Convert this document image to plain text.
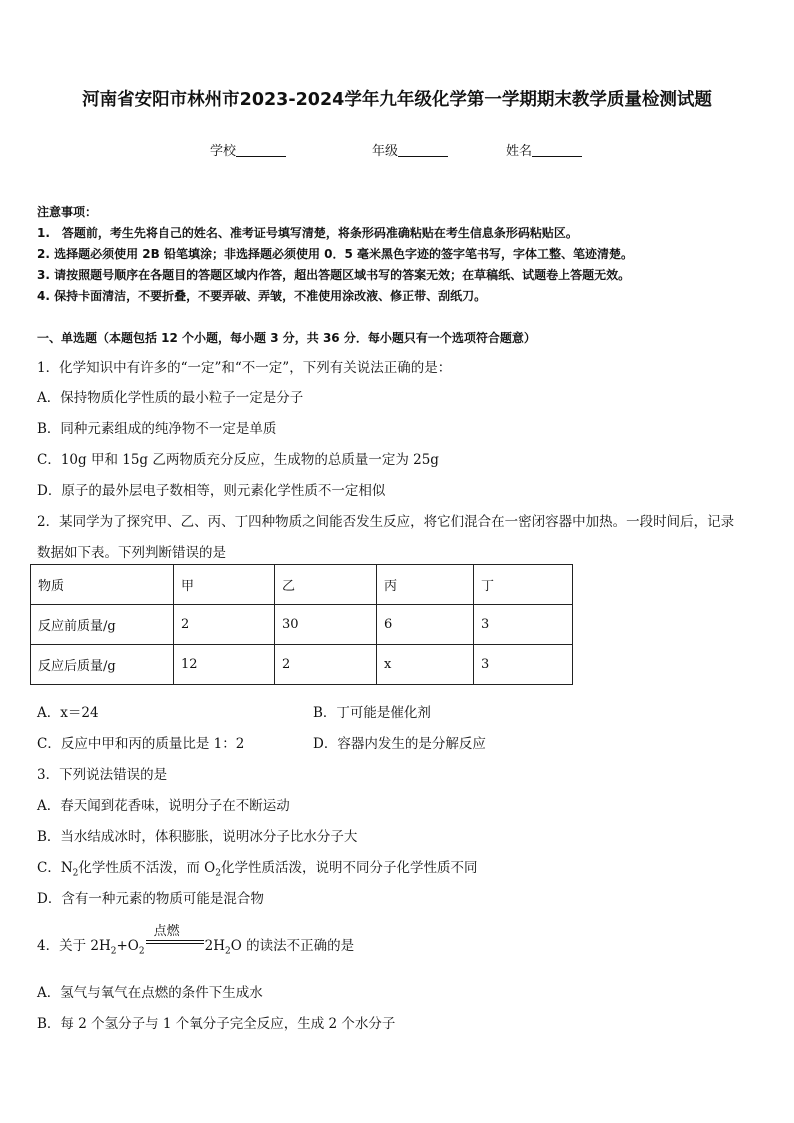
河南省安阳市林州市2023-2024学年九年级化学第一学期期末教学质量检测试题
学校	年级	姓名
注意事项：
1.　答题前，考生先将自己的姓名、准考证号填写清楚，将条形码准确粘贴在考生信息条形码粘贴区。
2. 选择题必须使用 2B 铅笔填涂；非选择题必须使用 0．5 毫米黑色字迹的签字笔书写，字体工整、笔迹清楚。
3. 请按照题号顺序在各题目的答题区域内作答，超出答题区域书写的答案无效；在草稿纸、试题卷上答题无效。
4. 保持卡面清洁，不要折叠，不要弄破、弄皱，不准使用涂改液、修正带、刮纸刀。
一、单选题（本题包括 12 个小题，每小题 3 分，共 36 分．每小题只有一个选项符合题意）
1．化学知识中有许多的“一定”和“不一定”，下列有关说法正确的是：
A．保持物质化学性质的最小粒子一定是分子
B．同种元素组成的纯净物不一定是单质
C．10g 甲和 15g 乙两物质充分反应，生成物的总质量一定为 25g
D．原子的最外层电子数相等，则元素化学性质不一定相似
2．某同学为了探究甲、乙、丙、丁四种物质之间能否发生反应，将它们混合在一密闭容器中加热。一段时间后，记录
数据如下表。下列判断错误的是
物质	甲	乙	丙	丁
反应前质量/g	2	30	6	3
反应后质量/g	12	2	x	3
A．x＝24	B．丁可能是催化剂
C．反应中甲和丙的质量比是 1：2	D．容器内发生的是分解反应
3．下列说法错误的是
A．春天闻到花香味，说明分子在不断运动
B．当水结成冰时，体积膨胀，说明冰分子比水分子大
C．$N_2$化学性质不活泼，而 $O_2$化学性质活泼，说明不同分子化学性质不同
D．含有一种元素的物质可能是混合物
4．关于 $2H_2+O_2$
点燃
$2H_2O$ 的读法不正确的是
A．氢气与氧气在点燃的条件下生成水
B．每 2 个氢分子与 1 个氧分子完全反应，生成 2 个水分子
